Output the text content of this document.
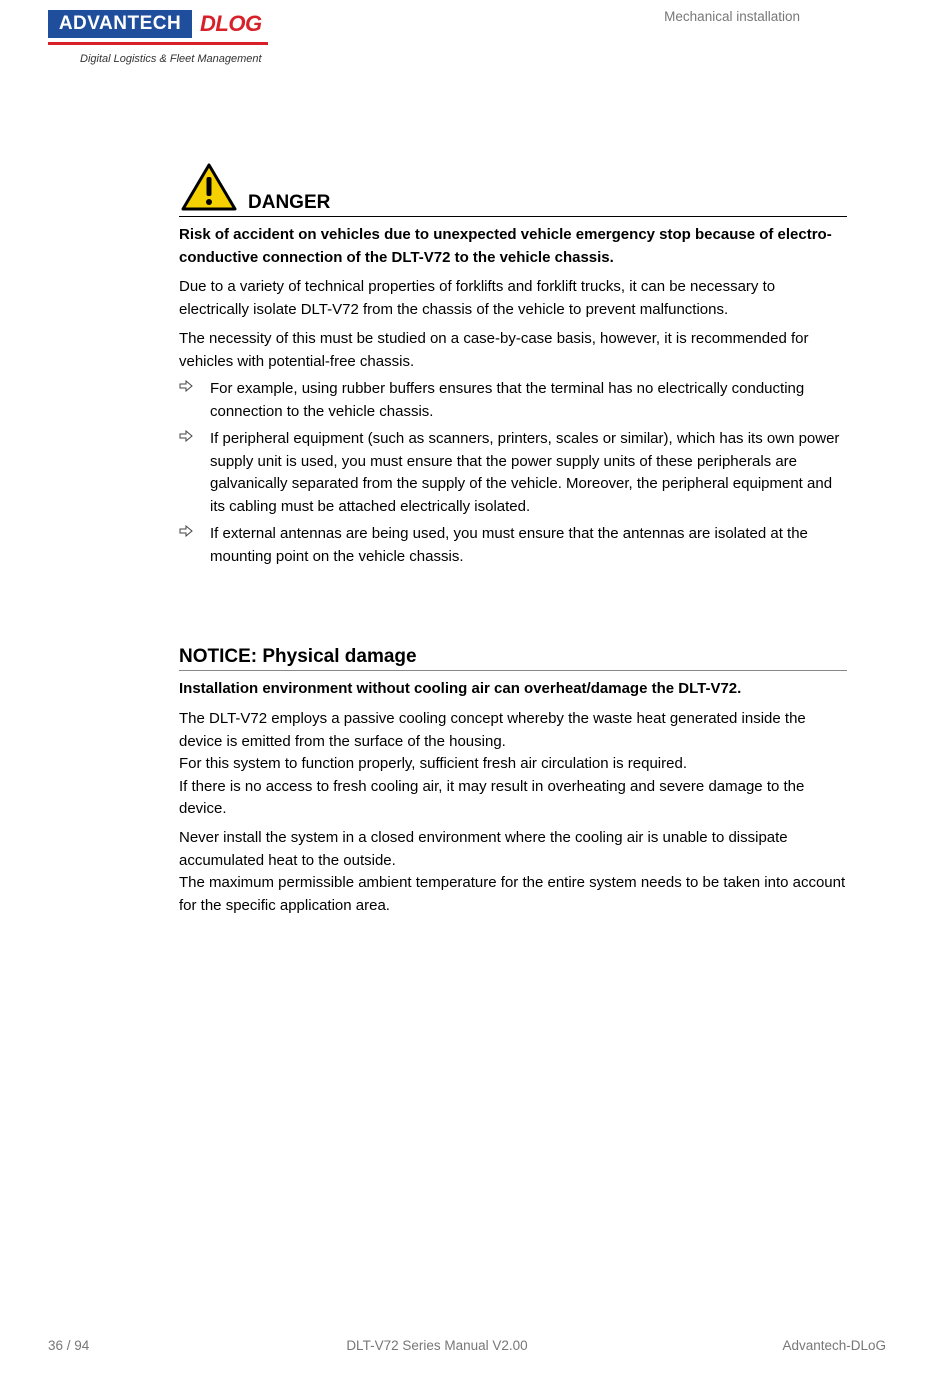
ADVANTECH DLOG
Digital Logistics & Fleet Management
Mechanical installation
DANGER

Risk of accident on vehicles due to unexpected vehicle emergency stop because of electro-conductive connection of the DLT-V72 to the vehicle chassis.

Due to a variety of technical properties of forklifts and forklift trucks, it can be necessary to electrically isolate DLT-V72 from the chassis of the vehicle to prevent malfunctions.

The necessity of this must be studied on a case-by-case basis, however, it is recommended for vehicles with potential-free chassis.

For example, using rubber buffers ensures that the terminal has no electrically conducting connection to the vehicle chassis.

If peripheral equipment (such as scanners, printers, scales or similar), which has its own power supply unit is used, you must ensure that the power supply units of these peripherals are galvanically separated from the supply of the vehicle. Moreover, the peripheral equipment and its cabling must be attached electrically isolated.

If external antennas are being used, you must ensure that the antennas are isolated at the mounting point on the vehicle chassis.

NOTICE: Physical damage

Installation environment without cooling air can overheat/damage the DLT-V72.

The DLT-V72 employs a passive cooling concept whereby the waste heat generated inside the device is emitted from the surface of the housing.

For this system to function properly, sufficient fresh air circulation is required.

If there is no access to fresh cooling air, it may result in overheating and severe damage to the device.

Never install the system in a closed environment where the cooling air is unable to dissipate accumulated heat to the outside.

The maximum permissible ambient temperature for the entire system needs to be taken into account for the specific application area.

36 / 94	DLT-V72 Series Manual V2.00	Advantech-DLoG
